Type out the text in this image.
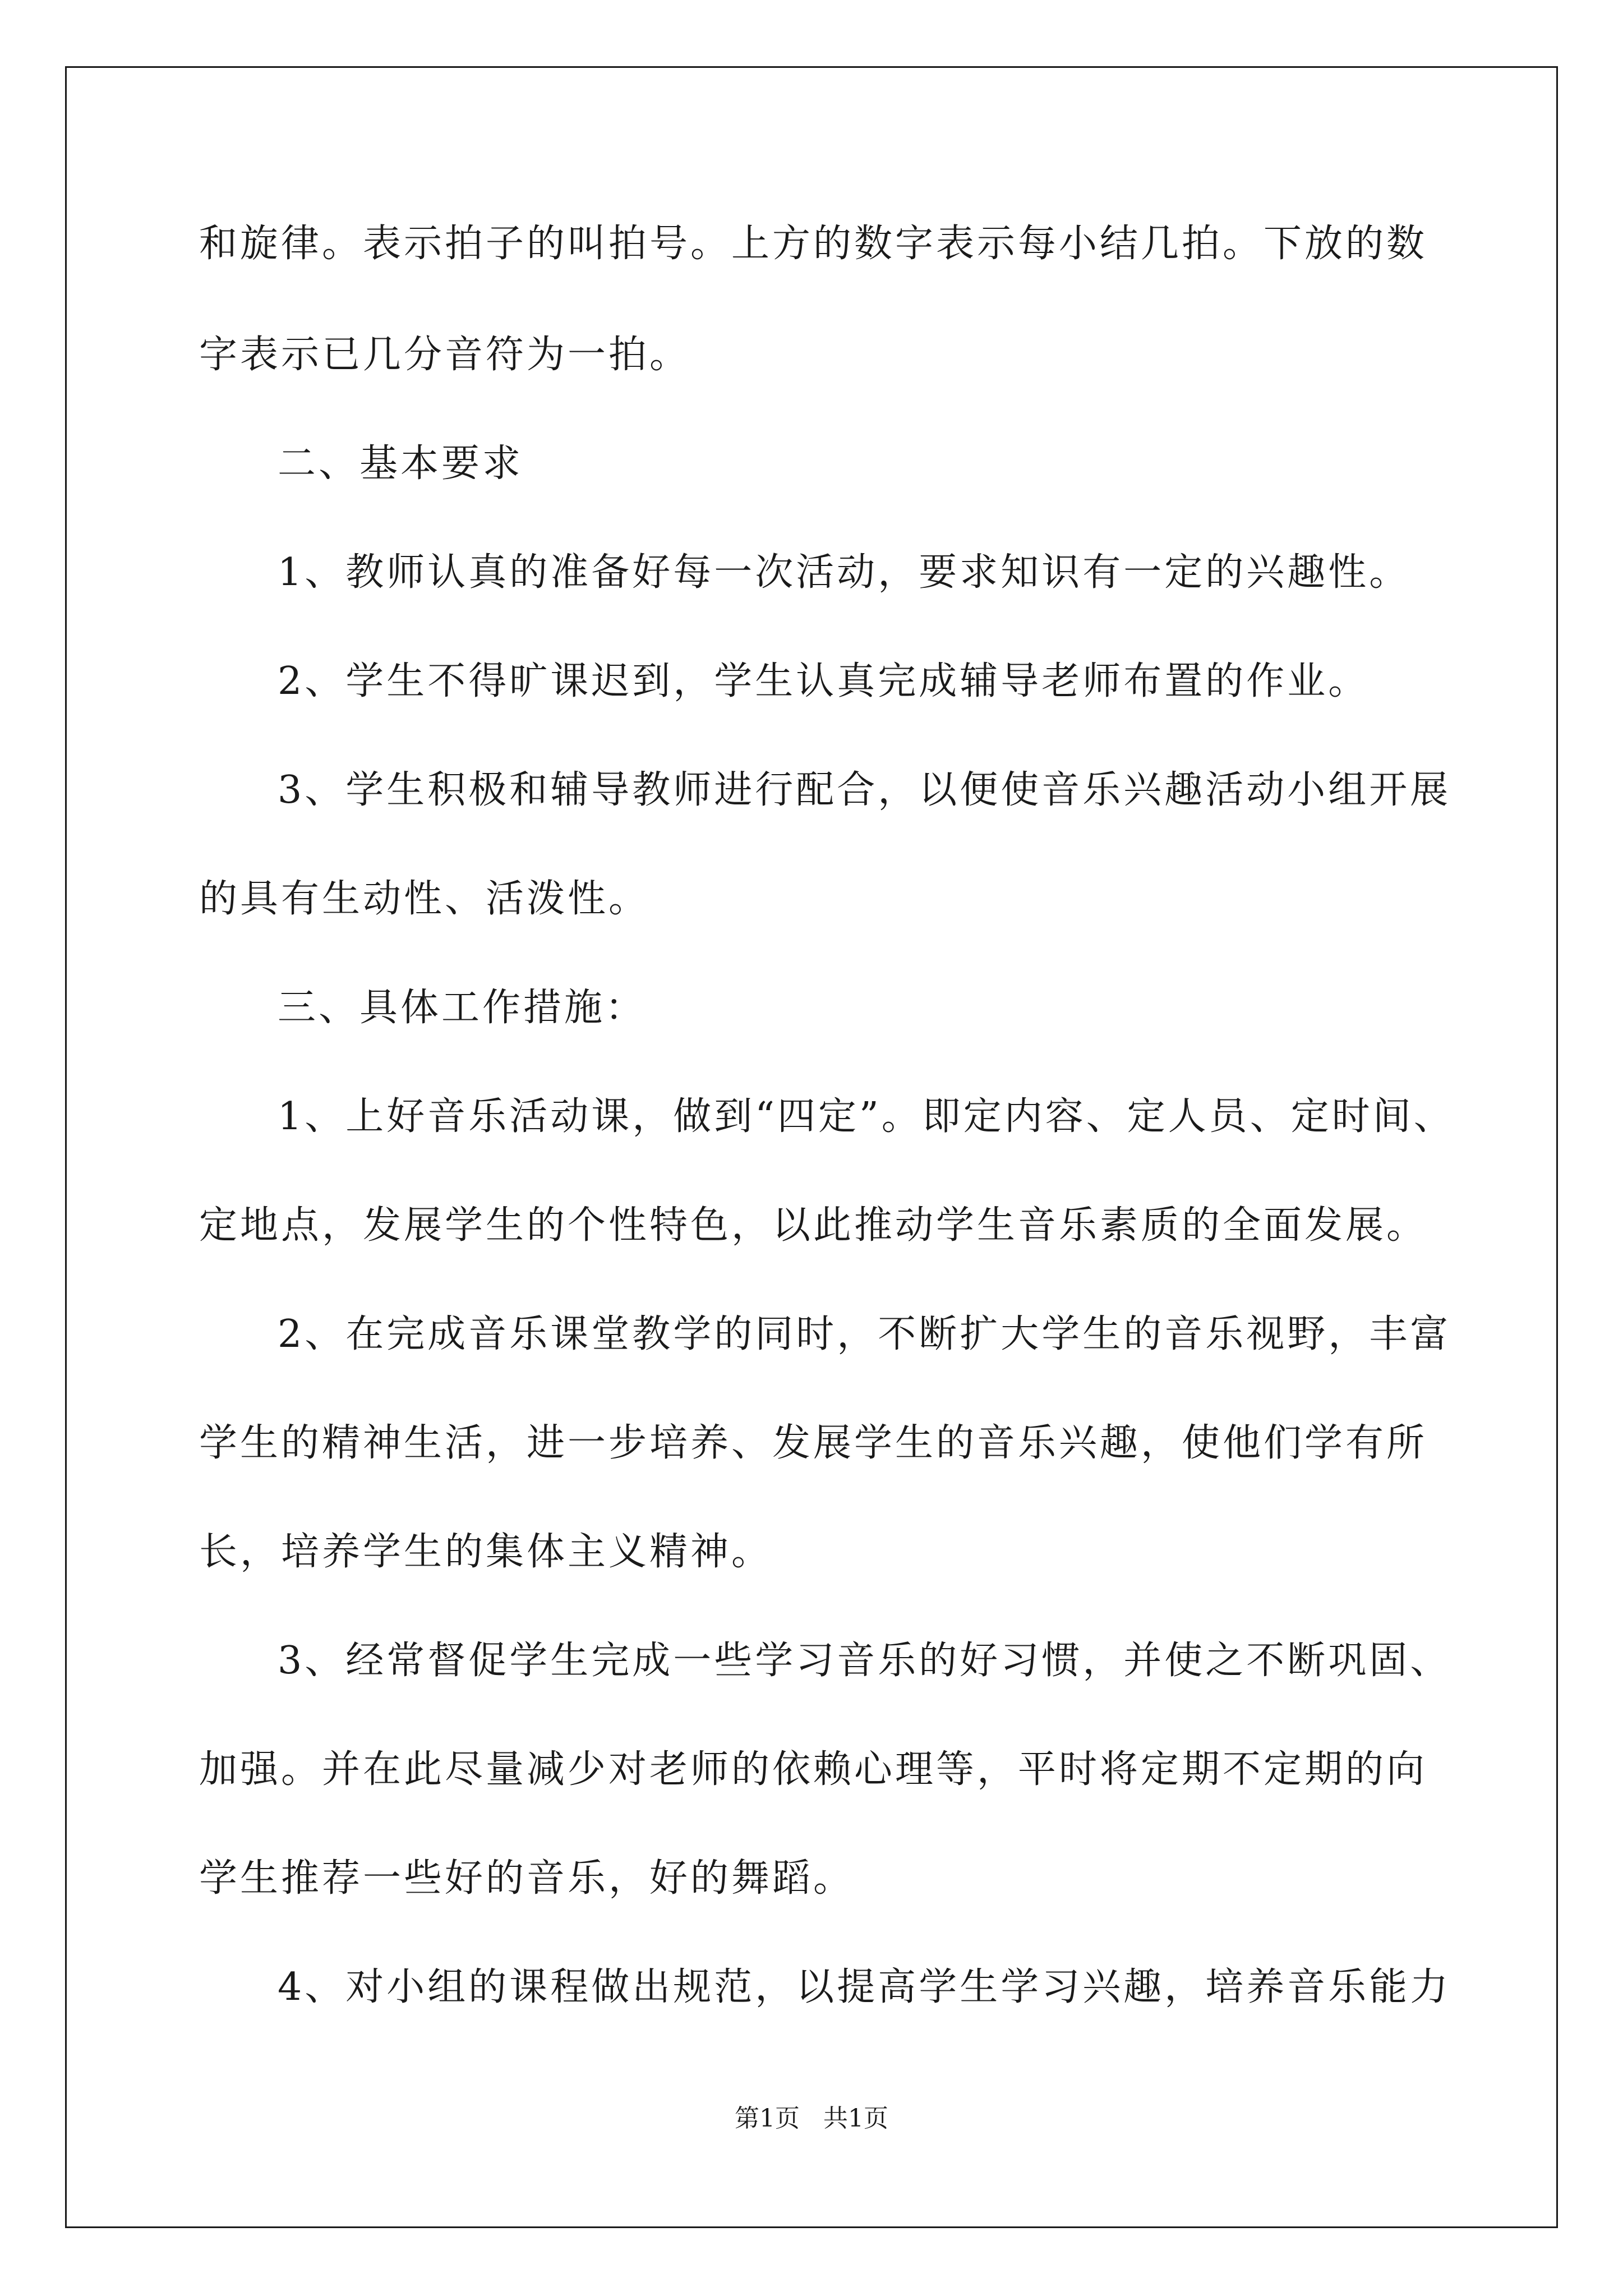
和旋律。表示拍子的叫拍号。上方的数字表示每小结几拍。下放的数
字表示已几分音符为一拍。
二、基本要求
1、教师认真的准备好每一次活动，要求知识有一定的兴趣性。
2、学生不得旷课迟到，学生认真完成辅导老师布置的作业。
3、学生积极和辅导教师进行配合，以便使音乐兴趣活动小组开展
的具有生动性、活泼性。
三、具体工作措施：
1、上好音乐活动课，做到“四定”。即定内容、定人员、定时间、
定地点，发展学生的个性特色，以此推动学生音乐素质的全面发展。
2、在完成音乐课堂教学的同时，不断扩大学生的音乐视野，丰富
学生的精神生活，进一步培养、发展学生的音乐兴趣，使他们学有所
长，培养学生的集体主义精神。
3、经常督促学生完成一些学习音乐的好习惯，并使之不断巩固、
加强。并在此尽量减少对老师的依赖心理等，平时将定期不定期的向
学生推荐一些好的音乐，好的舞蹈。
4、对小组的课程做出规范，以提高学生学习兴趣，培养音乐能力
第1页   共1页
